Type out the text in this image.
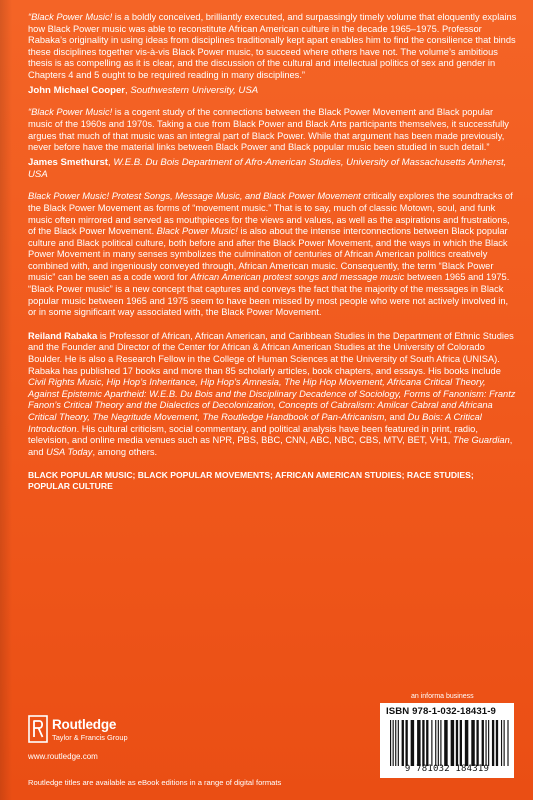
“Black Power Music! is a boldly conceived, brilliantly executed, and surpassingly timely volume that eloquently explains how Black Power music was able to reconstitute African American culture in the decade 1965–1975. Professor Rabaka’s originality in using ideas from disciplines traditionally kept apart enables him to find the consilience that binds these disciplines together vis-à-vis Black Power music, to succeed where others have not. The volume’s ambitious thesis is as compelling as it is clear, and the discussion of the cultural and intellectual politics of sex and gender in Chapters 4 and 5 ought to be required reading in many disciplines.”

John Michael Cooper, Southwestern University, USA

“Black Power Music! is a cogent study of the connections between the Black Power Movement and Black popular music of the 1960s and 1970s. Taking a cue from Black Power and Black Arts participants themselves, it successfully argues that much of that music was an integral part of Black Power. While that argument has been made previously, never before have the material links between Black Power and Black popular music been studied in such detail.”

James Smethurst, W.E.B. Du Bois Department of Afro-American Studies, University of Massachusetts Amherst, USA

Black Power Music! Protest Songs, Message Music, and Black Power Movement critically explores the soundtracks of the Black Power Movement as forms of “movement music.” That is to say, much of classic Motown, soul, and funk music often mirrored and served as mouthpieces for the views and values, as well as the aspirations and frustrations, of the Black Power Movement. Black Power Music! is also about the intense interconnections between Black popular culture and Black political culture, both before and after the Black Power Movement, and the ways in which the Black Power Movement in many senses symbolizes the culmination of centuries of African American politics creatively combined with, and ingeniously conveyed through, African American music. Consequently, the term “Black Power music” can be seen as a code word for African American protest songs and message music between 1965 and 1975. “Black Power music” is a new concept that captures and conveys the fact that the majority of the messages in Black popular music between 1965 and 1975 seem to have been missed by most people who were not actively involved in, or in some significant way associated with, the Black Power Movement.

Reiland Rabaka is Professor of African, African American, and Caribbean Studies in the Department of Ethnic Studies and the Founder and Director of the Center for African & African American Studies at the University of Colorado Boulder. He is also a Research Fellow in the College of Human Sciences at the University of South Africa (UNISA). Rabaka has published 17 books and more than 85 scholarly articles, book chapters, and essays. His books include Civil Rights Music, Hip Hop’s Inheritance, Hip Hop’s Amnesia, The Hip Hop Movement, Africana Critical Theory, Against Epistemic Apartheid: W.E.B. Du Bois and the Disciplinary Decadence of Sociology, Forms of Fanonism: Frantz Fanon’s Critical Theory and the Dialectics of Decolonization, Concepts of Cabralism: Amilcar Cabral and Africana Critical Theory, The Negritude Movement, The Routledge Handbook of Pan-Africanism, and Du Bois: A Critical Introduction. His cultural criticism, social commentary, and political analysis have been featured in print, radio, television, and online media venues such as NPR, PBS, BBC, CNN, ABC, NBC, CBS, MTV, BET, VH1, The Guardian, and USA Today, among others.

BLACK POPULAR MUSIC; BLACK POPULAR MOVEMENTS; AFRICAN AMERICAN STUDIES; RACE STUDIES; POPULAR CULTURE

Routledge
Taylor & Francis Group
www.routledge.com
Routledge titles are available as eBook editions in a range of digital formats
an informa business
ISBN 978-1-032-18431-9
9 781032 184319
